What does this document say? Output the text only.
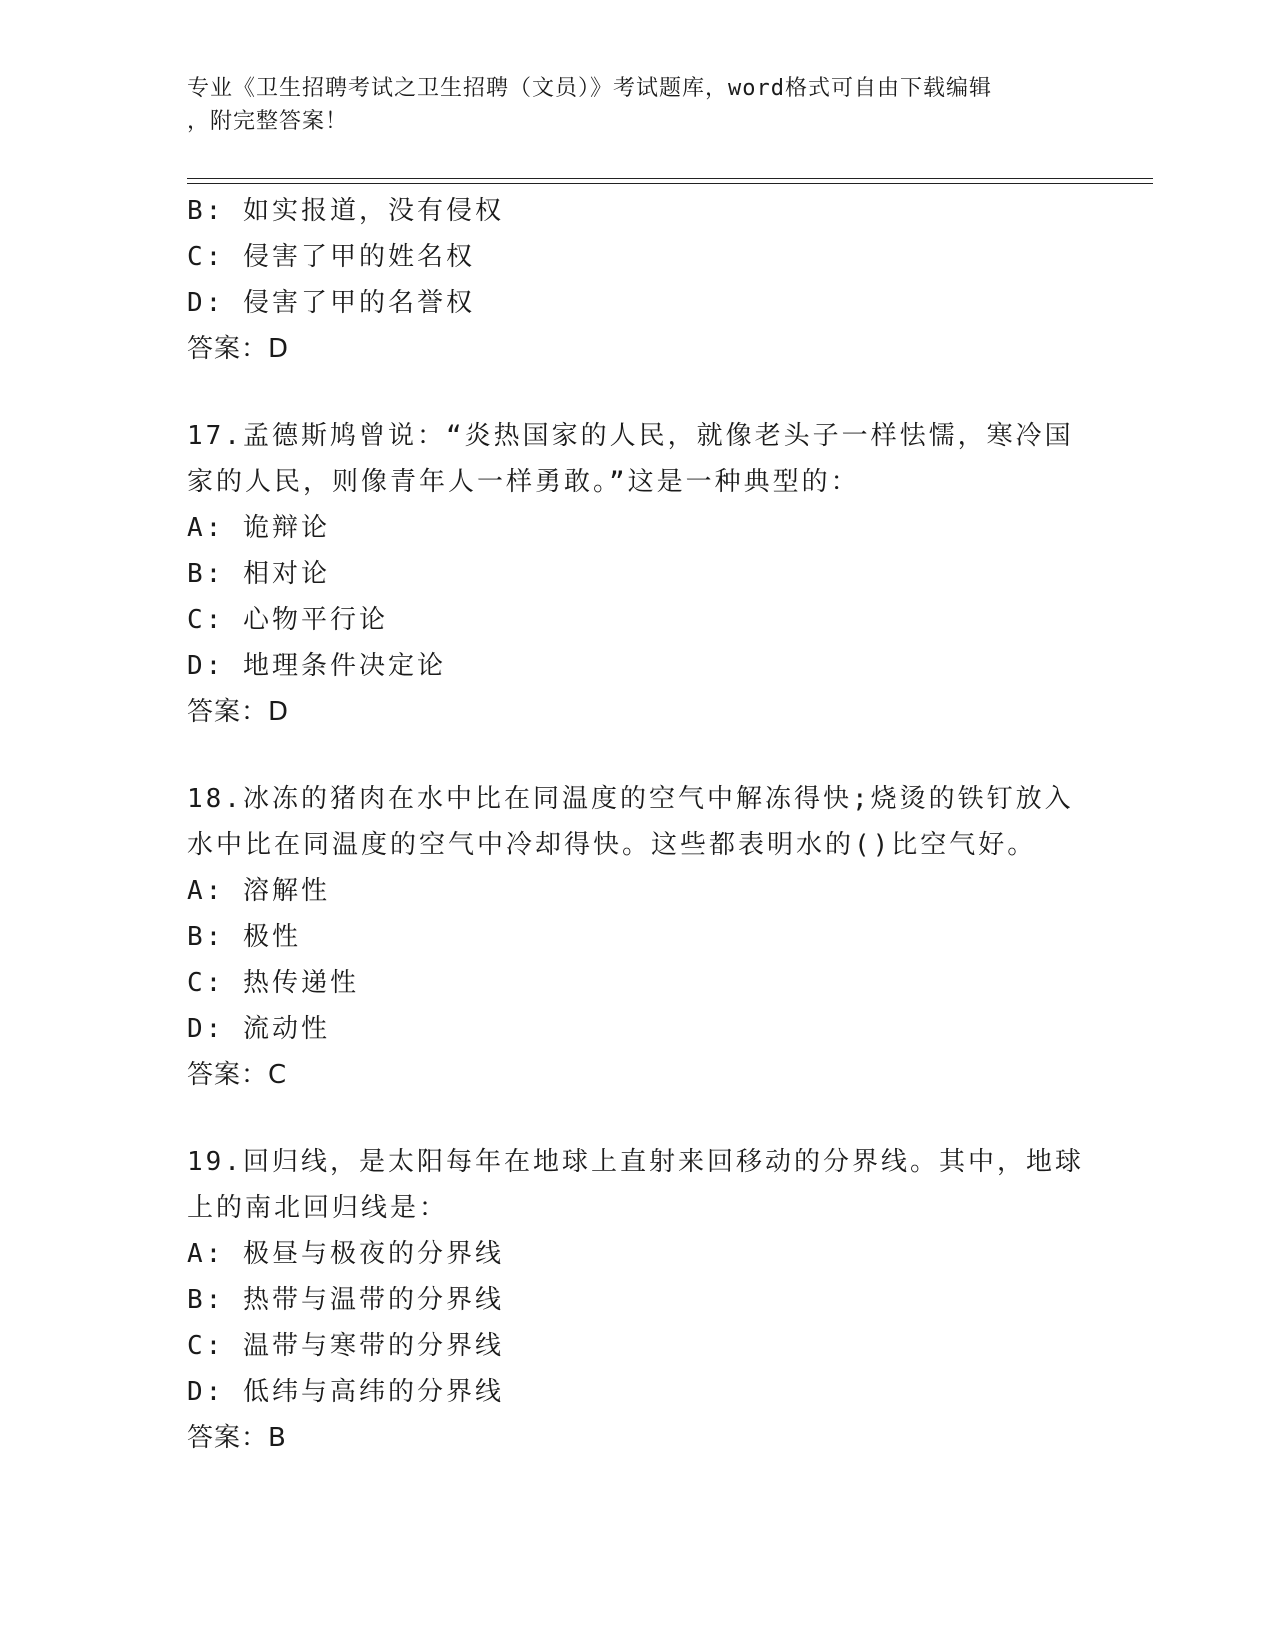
专业《卫生招聘考试之卫生招聘（文员）》考试题库，word格式可自由下载编辑
，附完整答案！
B: 如实报道，没有侵权
C: 侵害了甲的姓名权
D: 侵害了甲的名誉权
答案：D
17.孟德斯鸠曾说：“炎热国家的人民，就像老头子一样怯懦，寒冷国
家的人民，则像青年人一样勇敢。”这是一种典型的：
A: 诡辩论
B: 相对论
C: 心物平行论
D: 地理条件决定论
答案：D
18.冰冻的猪肉在水中比在同温度的空气中解冻得快;烧烫的铁钉放入
水中比在同温度的空气中冷却得快。这些都表明水的()比空气好。
A: 溶解性
B: 极性
C: 热传递性
D: 流动性
答案：C
19.回归线，是太阳每年在地球上直射来回移动的分界线。其中，地球
上的南北回归线是：
A: 极昼与极夜的分界线
B: 热带与温带的分界线
C: 温带与寒带的分界线
D: 低纬与高纬的分界线
答案：B
